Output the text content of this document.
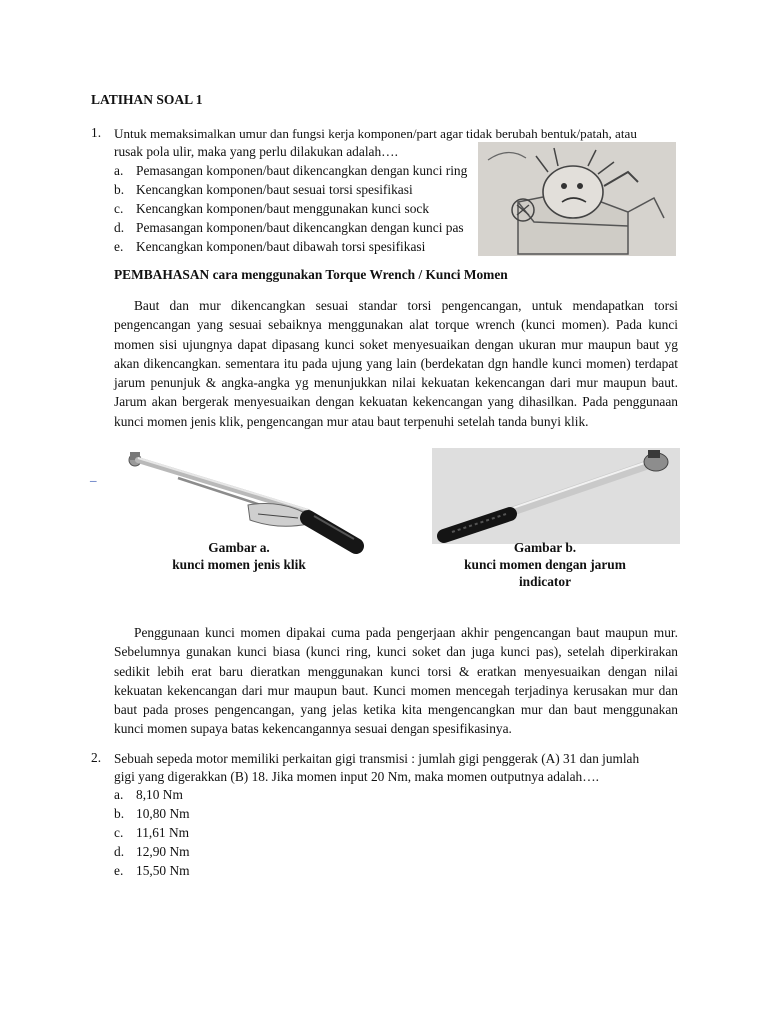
LATIHAN SOAL 1
1. Untuk memaksimalkan umur dan fungsi kerja komponen/part agar tidak berubah bentuk/patah, atau
rusak pola ulir, maka yang perlu dilakukan adalah….
a. Pemasangan komponen/baut dikencangkan dengan kunci ring
b. Kencangkan komponen/baut sesuai torsi spesifikasi
c. Kencangkan komponen/baut menggunakan kunci sock
d. Pemasangan komponen/baut dikencangkan dengan kunci pas
e. Kencangkan komponen/baut dibawah torsi spesifikasi
PEMBAHASAN cara menggunakan Torque Wrench / Kunci Momen
Baut dan mur dikencangkan sesuai standar torsi pengencangan, untuk mendapatkan torsi pengencangan yang sesuai sebaiknya menggunakan alat torque wrench (kunci momen). Pada kunci momen sisi ujungnya dapat dipasang kunci soket menyesuaikan dengan ukuran mur maupun baut yg akan dikencangkan. sementara itu pada ujung yang lain (berdekatan dgn handle kunci momen) terdapat jarum penunjuk & angka-angka yg menunjukkan nilai kekuatan kekencangan dari mur maupun baut. Jarum akan bergerak menyesuaikan dengan kekuatan kekencangan yang dihasilkan. Pada penggunaan kunci momen jenis klik, pengencangan mur atau baut terpenuhi setelah tanda bunyi klik.
_
Gambar a.
kunci momen jenis klik
Gambar b.
kunci momen dengan jarum
indicator
Penggunaan kunci momen dipakai cuma pada pengerjaan akhir pengencangan baut maupun mur. Sebelumnya gunakan kunci biasa (kunci ring, kunci soket dan juga kunci pas), setelah diperkirakan sedikit lebih erat baru dieratkan menggunakan kunci torsi & eratkan menyesuaikan dengan nilai kekuatan kekencangan dari mur maupun baut. Kunci momen mencegah terjadinya kerusakan mur dan baut pada proses pengencangan, yang jelas ketika kita mengencangkan mur dan baut menggunakan kunci momen supaya batas kekencangannya sesuai dengan spesifikasinya.
2. Sebuah sepeda motor memiliki perkaitan gigi transmisi : jumlah gigi penggerak (A) 31 dan jumlah
gigi yang digerakkan (B) 18. Jika momen input 20 Nm, maka momen outputnya adalah….
a. 8,10 Nm
b. 10,80 Nm
c. 11,61 Nm
d. 12,90 Nm
e. 15,50 Nm
